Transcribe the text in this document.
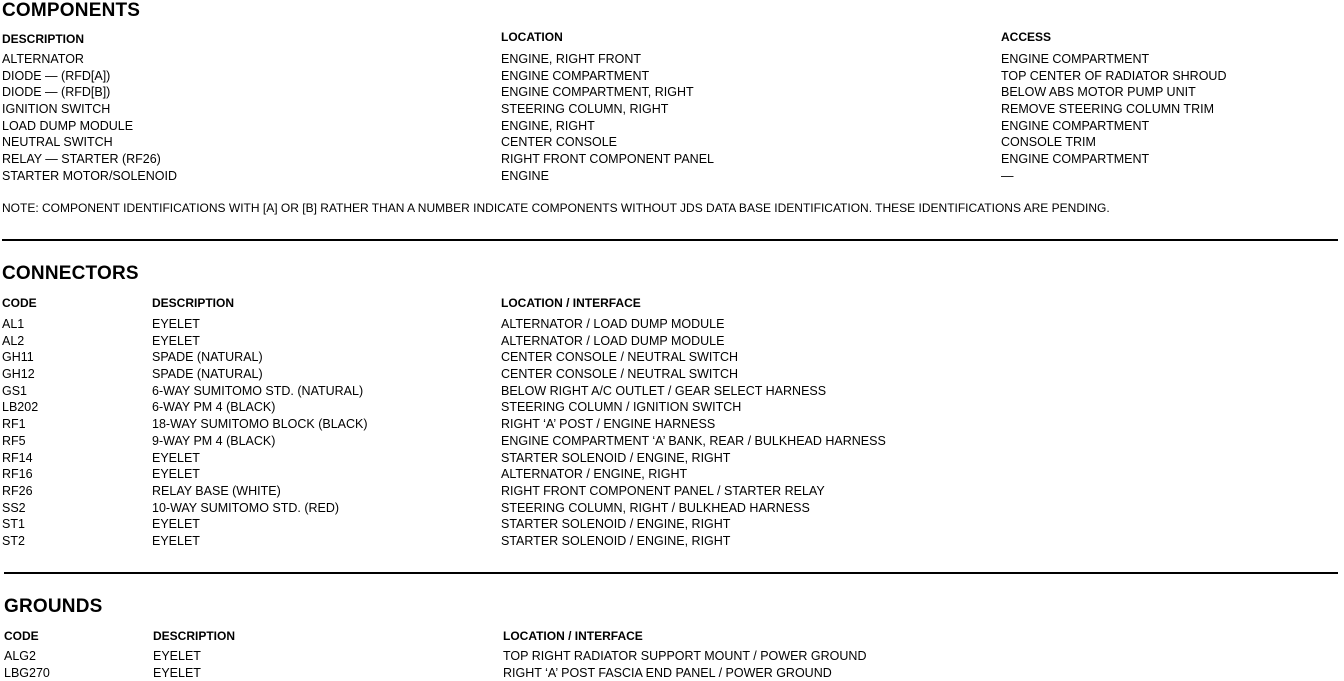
COMPONENTS
DESCRIPTION	LOCATION	ACCESS
ALTERNATOR	ENGINE, RIGHT FRONT	ENGINE COMPARTMENT
DIODE — (RFD[A])	ENGINE COMPARTMENT	TOP CENTER OF RADIATOR SHROUD
DIODE — (RFD[B])	ENGINE COMPARTMENT, RIGHT	BELOW ABS MOTOR PUMP UNIT
IGNITION SWITCH	STEERING COLUMN, RIGHT	REMOVE STEERING COLUMN TRIM
LOAD DUMP MODULE	ENGINE, RIGHT	ENGINE COMPARTMENT
NEUTRAL SWITCH	CENTER CONSOLE	CONSOLE TRIM
RELAY — STARTER (RF26)	RIGHT FRONT COMPONENT PANEL	ENGINE COMPARTMENT
STARTER MOTOR/SOLENOID	ENGINE	—
NOTE: COMPONENT IDENTIFICATIONS WITH [A] OR [B] RATHER THAN A NUMBER INDICATE COMPONENTS WITHOUT JDS DATA BASE IDENTIFICATION. THESE IDENTIFICATIONS ARE PENDING.
CONNECTORS
CODE	DESCRIPTION	LOCATION / INTERFACE
AL1	EYELET	ALTERNATOR / LOAD DUMP MODULE
AL2	EYELET	ALTERNATOR / LOAD DUMP MODULE
GH11	SPADE (NATURAL)	CENTER CONSOLE / NEUTRAL SWITCH
GH12	SPADE (NATURAL)	CENTER CONSOLE / NEUTRAL SWITCH
GS1	6-WAY SUMITOMO STD. (NATURAL)	BELOW RIGHT A/C OUTLET / GEAR SELECT HARNESS
LB202	6-WAY PM 4 (BLACK)	STEERING COLUMN / IGNITION SWITCH
RF1	18-WAY SUMITOMO BLOCK (BLACK)	RIGHT ‘A’ POST / ENGINE HARNESS
RF5	9-WAY PM 4 (BLACK)	ENGINE COMPARTMENT ‘A’ BANK, REAR / BULKHEAD HARNESS
RF14	EYELET	STARTER SOLENOID / ENGINE, RIGHT
RF16	EYELET	ALTERNATOR / ENGINE, RIGHT
RF26	RELAY BASE (WHITE)	RIGHT FRONT COMPONENT PANEL / STARTER RELAY
SS2	10-WAY SUMITOMO STD. (RED)	STEERING COLUMN, RIGHT / BULKHEAD HARNESS
ST1	EYELET	STARTER SOLENOID / ENGINE, RIGHT
ST2	EYELET	STARTER SOLENOID / ENGINE, RIGHT
GROUNDS
CODE	DESCRIPTION	LOCATION / INTERFACE
ALG2	EYELET	TOP RIGHT RADIATOR SUPPORT MOUNT / POWER GROUND
LBG270	EYELET	RIGHT ‘A’ POST FASCIA END PANEL / POWER GROUND
